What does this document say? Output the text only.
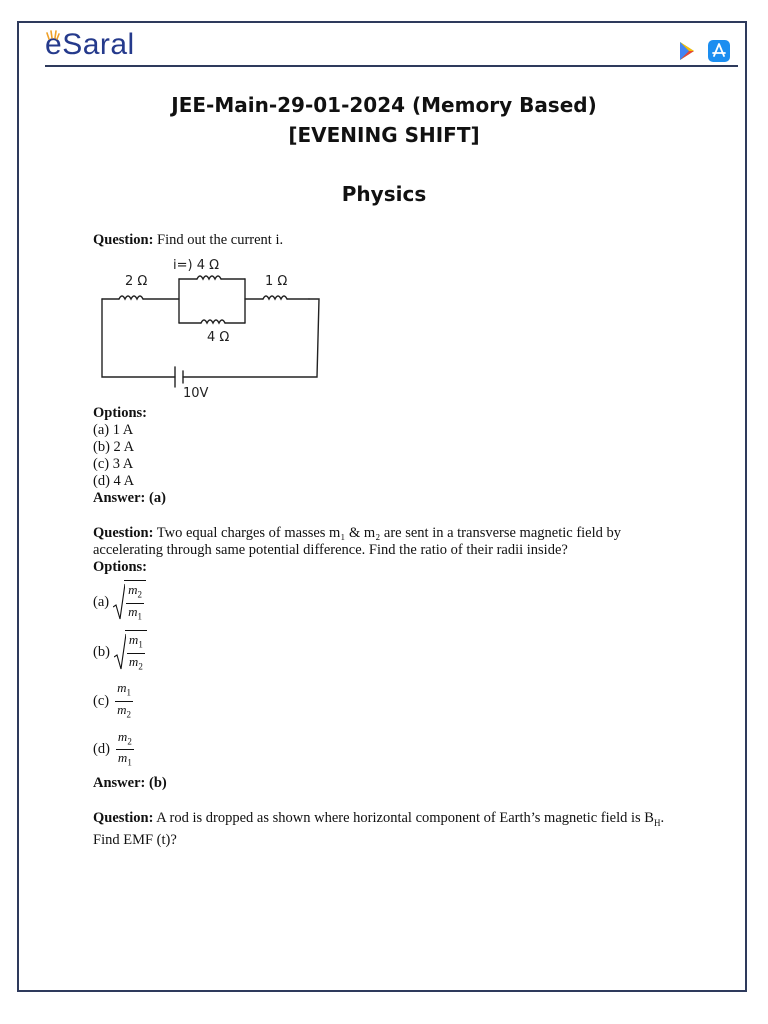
eSaral
JEE-Main-29-01-2024 (Memory Based)
[EVENING SHIFT]
Physics
Question: Find out the current i.
2 Ω
i=) 4 Ω
1 Ω
4 Ω
10V
Options:
(a) 1 A
(b) 2 A
(c) 3 A
(d) 4 A
Answer: (a)
Question: Two equal charges of masses m₁ & m₂ are sent in a transverse magnetic field by accelerating through same potential difference. Find the ratio of their radii inside?
Options:
$(a) \frac{m_2}{m_1}$
$(b) \frac{m_1}{m_2}$
$(c) \frac{m_1}{m_2}$
$(d) \frac{m_2}{m_1}$
Answer: (b)
Question: A rod is dropped as shown where horizontal component of Earth’s magnetic field is $B_H$.
Find EMF (t)?
